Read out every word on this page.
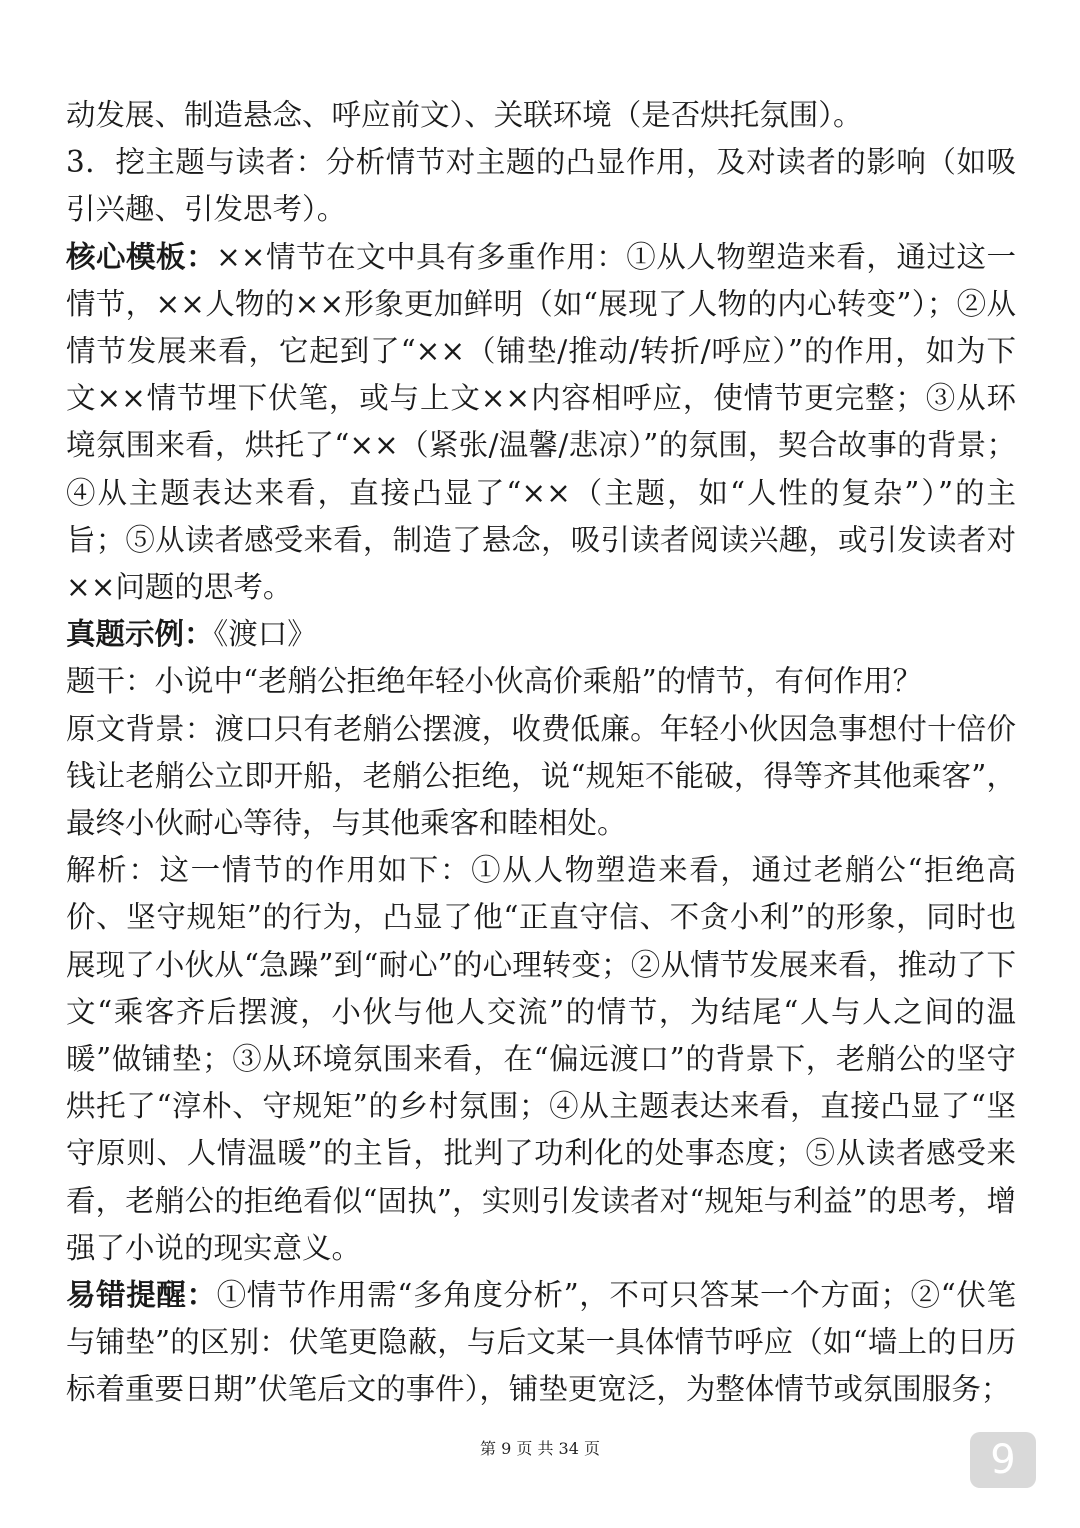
动发展、制造悬念、呼应前文）、关联环境（是否烘托氛围）。

3．挖主题与读者：分析情节对主题的凸显作用，及对读者的影响（如吸引兴趣、引发思考）。

核心模板：××情节在文中具有多重作用：①从人物塑造来看，通过这一情节，××人物的××形象更加鲜明（如“展现了人物的内心转变”）；②从情节发展来看，它起到了“××（铺垫/推动/转折/呼应）”的作用，如为下文××情节埋下伏笔，或与上文××内容相呼应，使情节更完整；③从环境氛围来看，烘托了“××（紧张/温馨/悲凉）”的氛围，契合故事的背景；④从主题表达来看，直接凸显了“××（主题，如“人性的复杂”）”的主旨；⑤从读者感受来看，制造了悬念，吸引读者阅读兴趣，或引发读者对××问题的思考。

真题示例：《渡口》

题干：小说中“老艄公拒绝年轻小伙高价乘船”的情节，有何作用？

原文背景：渡口只有老艄公摆渡，收费低廉。年轻小伙因急事想付十倍价钱让老艄公立即开船，老艄公拒绝，说“规矩不能破，得等齐其他乘客”，最终小伙耐心等待，与其他乘客和睦相处。

解析：这一情节的作用如下：①从人物塑造来看，通过老艄公“拒绝高价、坚守规矩”的行为，凸显了他“正直守信、不贪小利”的形象，同时也展现了小伙从“急躁”到“耐心”的心理转变；②从情节发展来看，推动了下文“乘客齐后摆渡，小伙与他人交流”的情节，为结尾“人与人之间的温暖”做铺垫；③从环境氛围来看，在“偏远渡口”的背景下，老艄公的坚守烘托了“淳朴、守规矩”的乡村氛围；④从主题表达来看，直接凸显了“坚守原则、人情温暖”的主旨，批判了功利化的处事态度；⑤从读者感受来看，老艄公的拒绝看似“固执”，实则引发读者对“规矩与利益”的思考，增强了小说的现实意义。

易错提醒：①情节作用需“多角度分析”，不可只答某一个方面；②“伏笔与铺垫”的区别：伏笔更隐蔽，与后文某一具体情节呼应（如“墙上的日历标着重要日期”伏笔后文的事件），铺垫更宽泛，为整体情节或氛围服务；

第 9 页 共 34 页	9
